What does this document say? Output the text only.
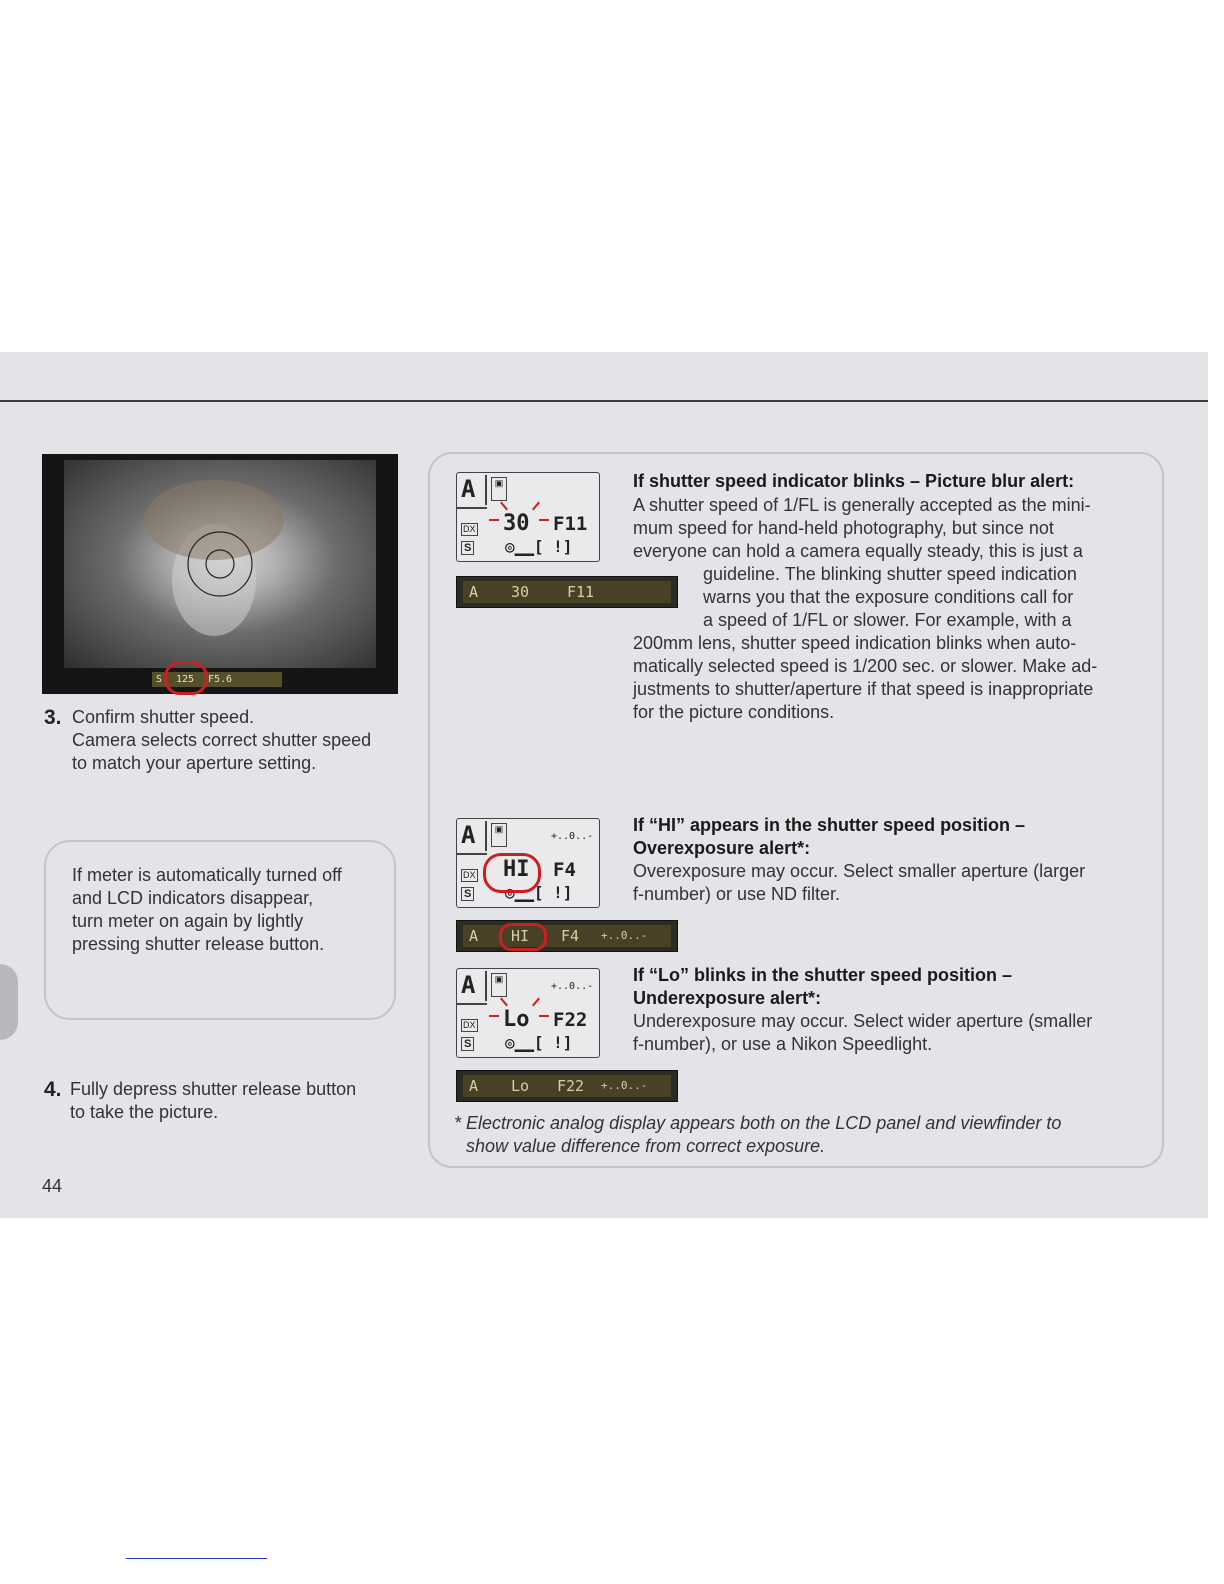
S 125 F5.6
3. Confirm shutter speed.
Camera selects correct shutter speed
to match your aperture setting.
If meter is automatically turned off
and LCD indicators disappear,
turn meter on again by lightly
pressing shutter release button.
4. Fully depress shutter release button
to take the picture.
44
A	▣
DX
S
30 F11
◎▁▁[ !]
A 30	F11
If shutter speed indicator blinks – Picture blur alert:
A shutter speed of 1/FL is generally accepted as the mini-
mum speed for hand-held photography, but since not
everyone can hold a camera equally steady, this is just a
guideline. The blinking shutter speed indication
warns you that the exposure conditions call for
a speed of 1/FL or slower. For example, with a
200mm lens, shutter speed indication blinks when auto-
matically selected speed is 1/200 sec. or slower. Make ad-
justments to shutter/aperture if that speed is inappropriate
for the picture conditions.
A	▣
+..0..-
DX
S
HI F4
◎▁▁[ !]
A HI F4 +..0..-
If “HI” appears in the shutter speed position –
Overexposure alert*:
Overexposure may occur. Select smaller aperture (larger
f-number) or use ND filter.
A	▣
+..0..-
DX
S
Lo F22
◎▁▁[ !]
A Lo F22 +..0..-
If “Lo” blinks in the shutter speed position –
Underexposure alert*:
Underexposure may occur. Select wider aperture (smaller
f-number), or use a Nikon Speedlight.
* Electronic analog display appears both on the LCD panel and viewfinder to
show value difference from correct exposure.
